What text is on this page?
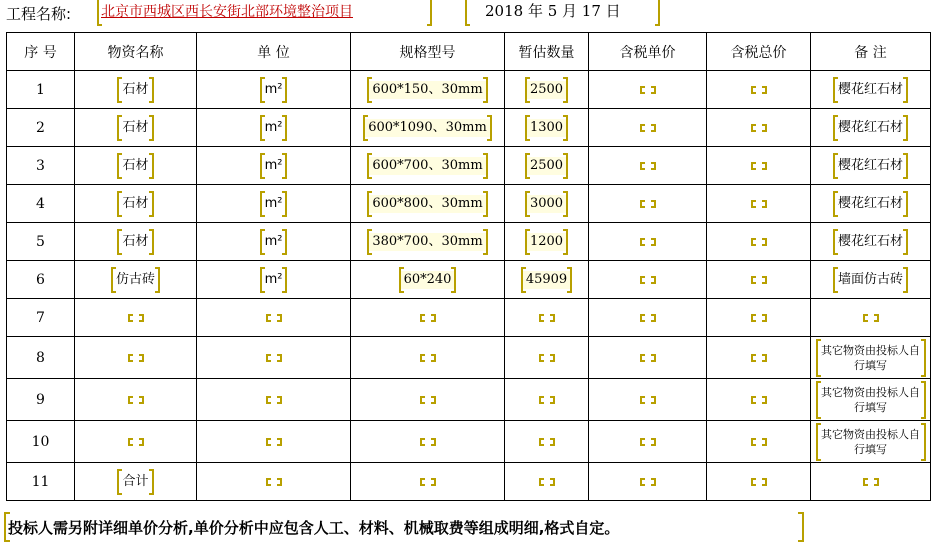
工程名称: 北京市西城区西长安街北部环境整治项目	2018 年 5 月 17 日
序 号	物资名称	单 位	规格型号	暂估数量	含税单价	含税总价	备 注
1	石材	m²	600*150、30mm	2500			樱花红石材
2	石材	m²	600*1090、30mm	1300			樱花红石材
3	石材	m²	600*700、30mm	2500			樱花红石材
4	石材	m²	600*800、30mm	3000			樱花红石材
5	石材	m²	380*700、30mm	1200			樱花红石材
6	仿古砖	m²	60*240	45909			墙面仿古砖
7							
8							其它物资由投标人自行填写
9							其它物资由投标人自行填写
10							其它物资由投标人自行填写
11	合计						
投标人需另附详细单价分析,单价分析中应包含人工、材料、机械取费等组成明细,格式自定。
